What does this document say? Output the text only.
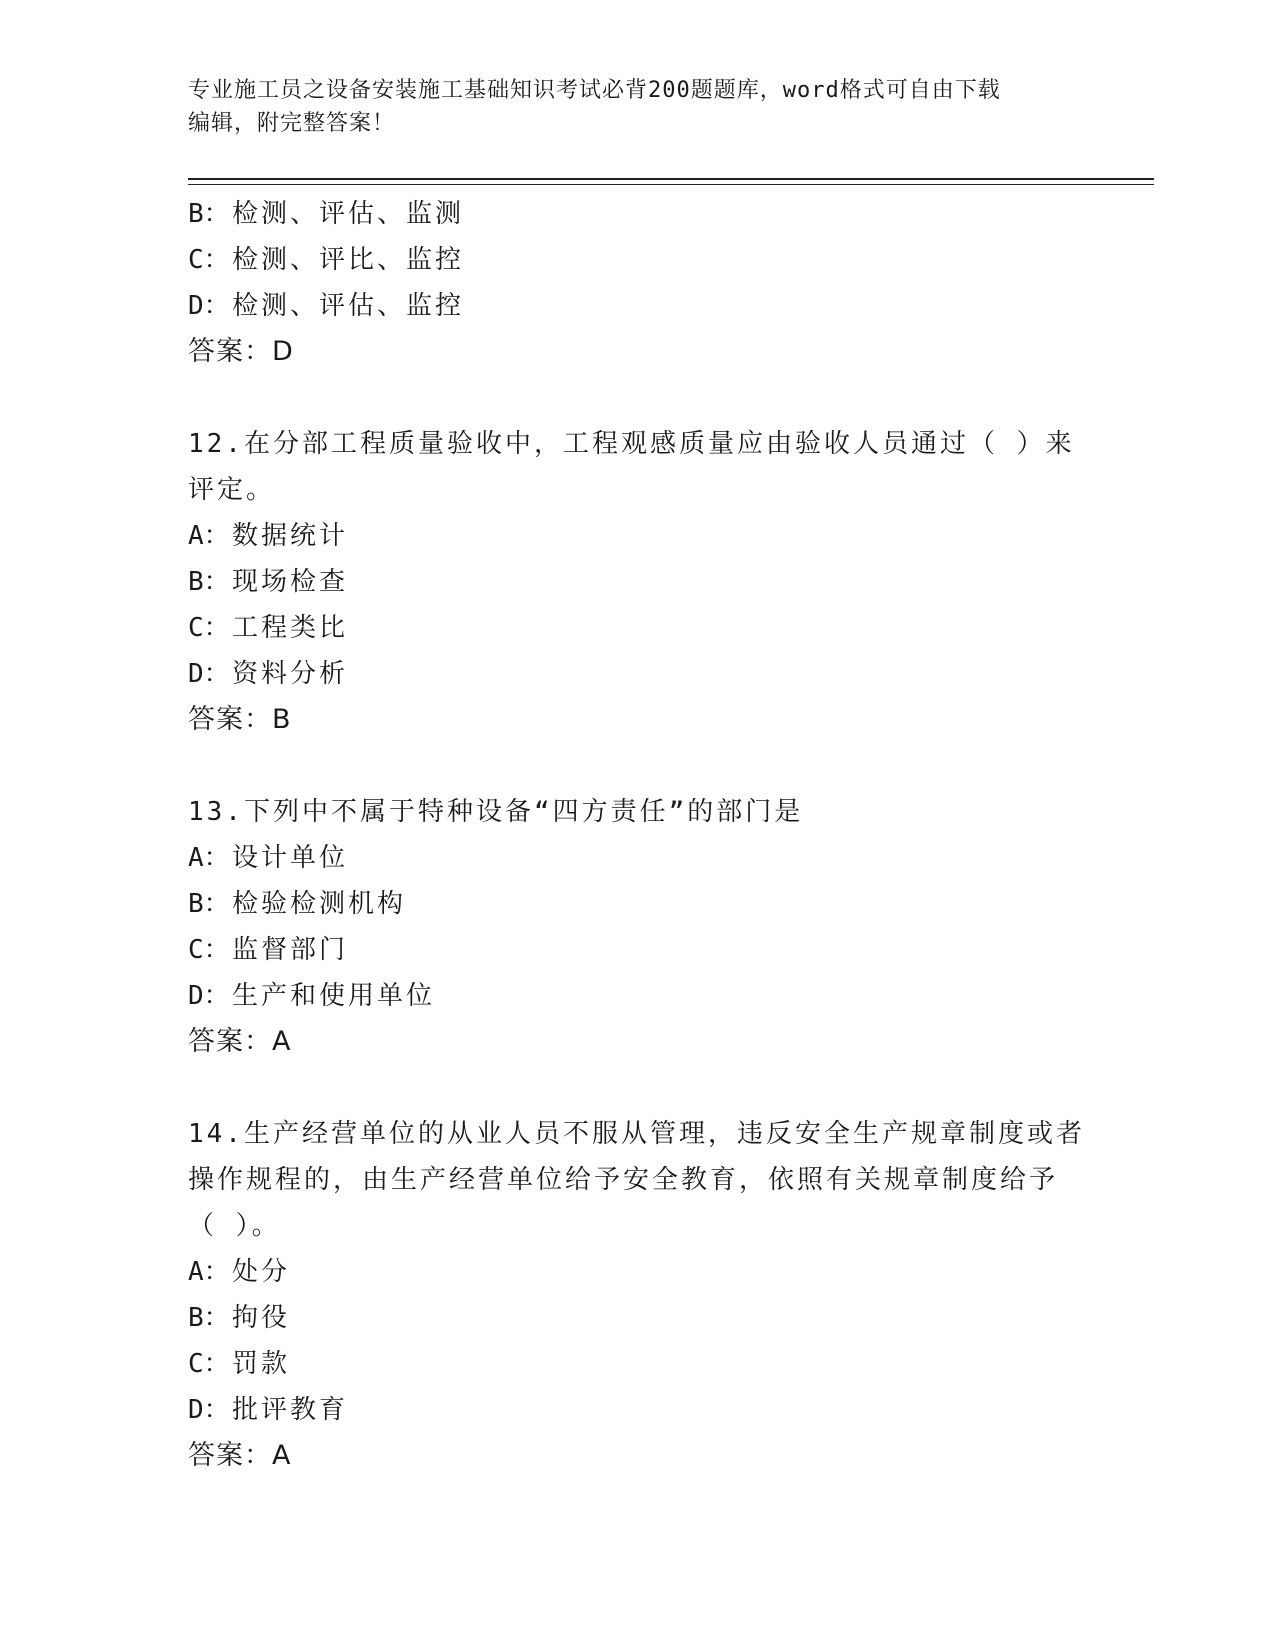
专业施工员之设备安装施工基础知识考试必背200题题库，word格式可自由下载
编辑，附完整答案！
B：检测、评估、监测
C：检测、评比、监控
D：检测、评估、监控
答案：D
12.在分部工程质量验收中，工程观感质量应由验收人员通过（ ）来
评定。
A：数据统计
B：现场检查
C：工程类比
D：资料分析
答案：B
13.下列中不属于特种设备“四方责任”的部门是
A：设计单位
B：检验检测机构
C：监督部门
D：生产和使用单位
答案：A
14.生产经营单位的从业人员不服从管理，违反安全生产规章制度或者
操作规程的，由生产经营单位给予安全教育，依照有关规章制度给予
（ ）。
A：处分
B：拘役
C：罚款
D：批评教育
答案：A
